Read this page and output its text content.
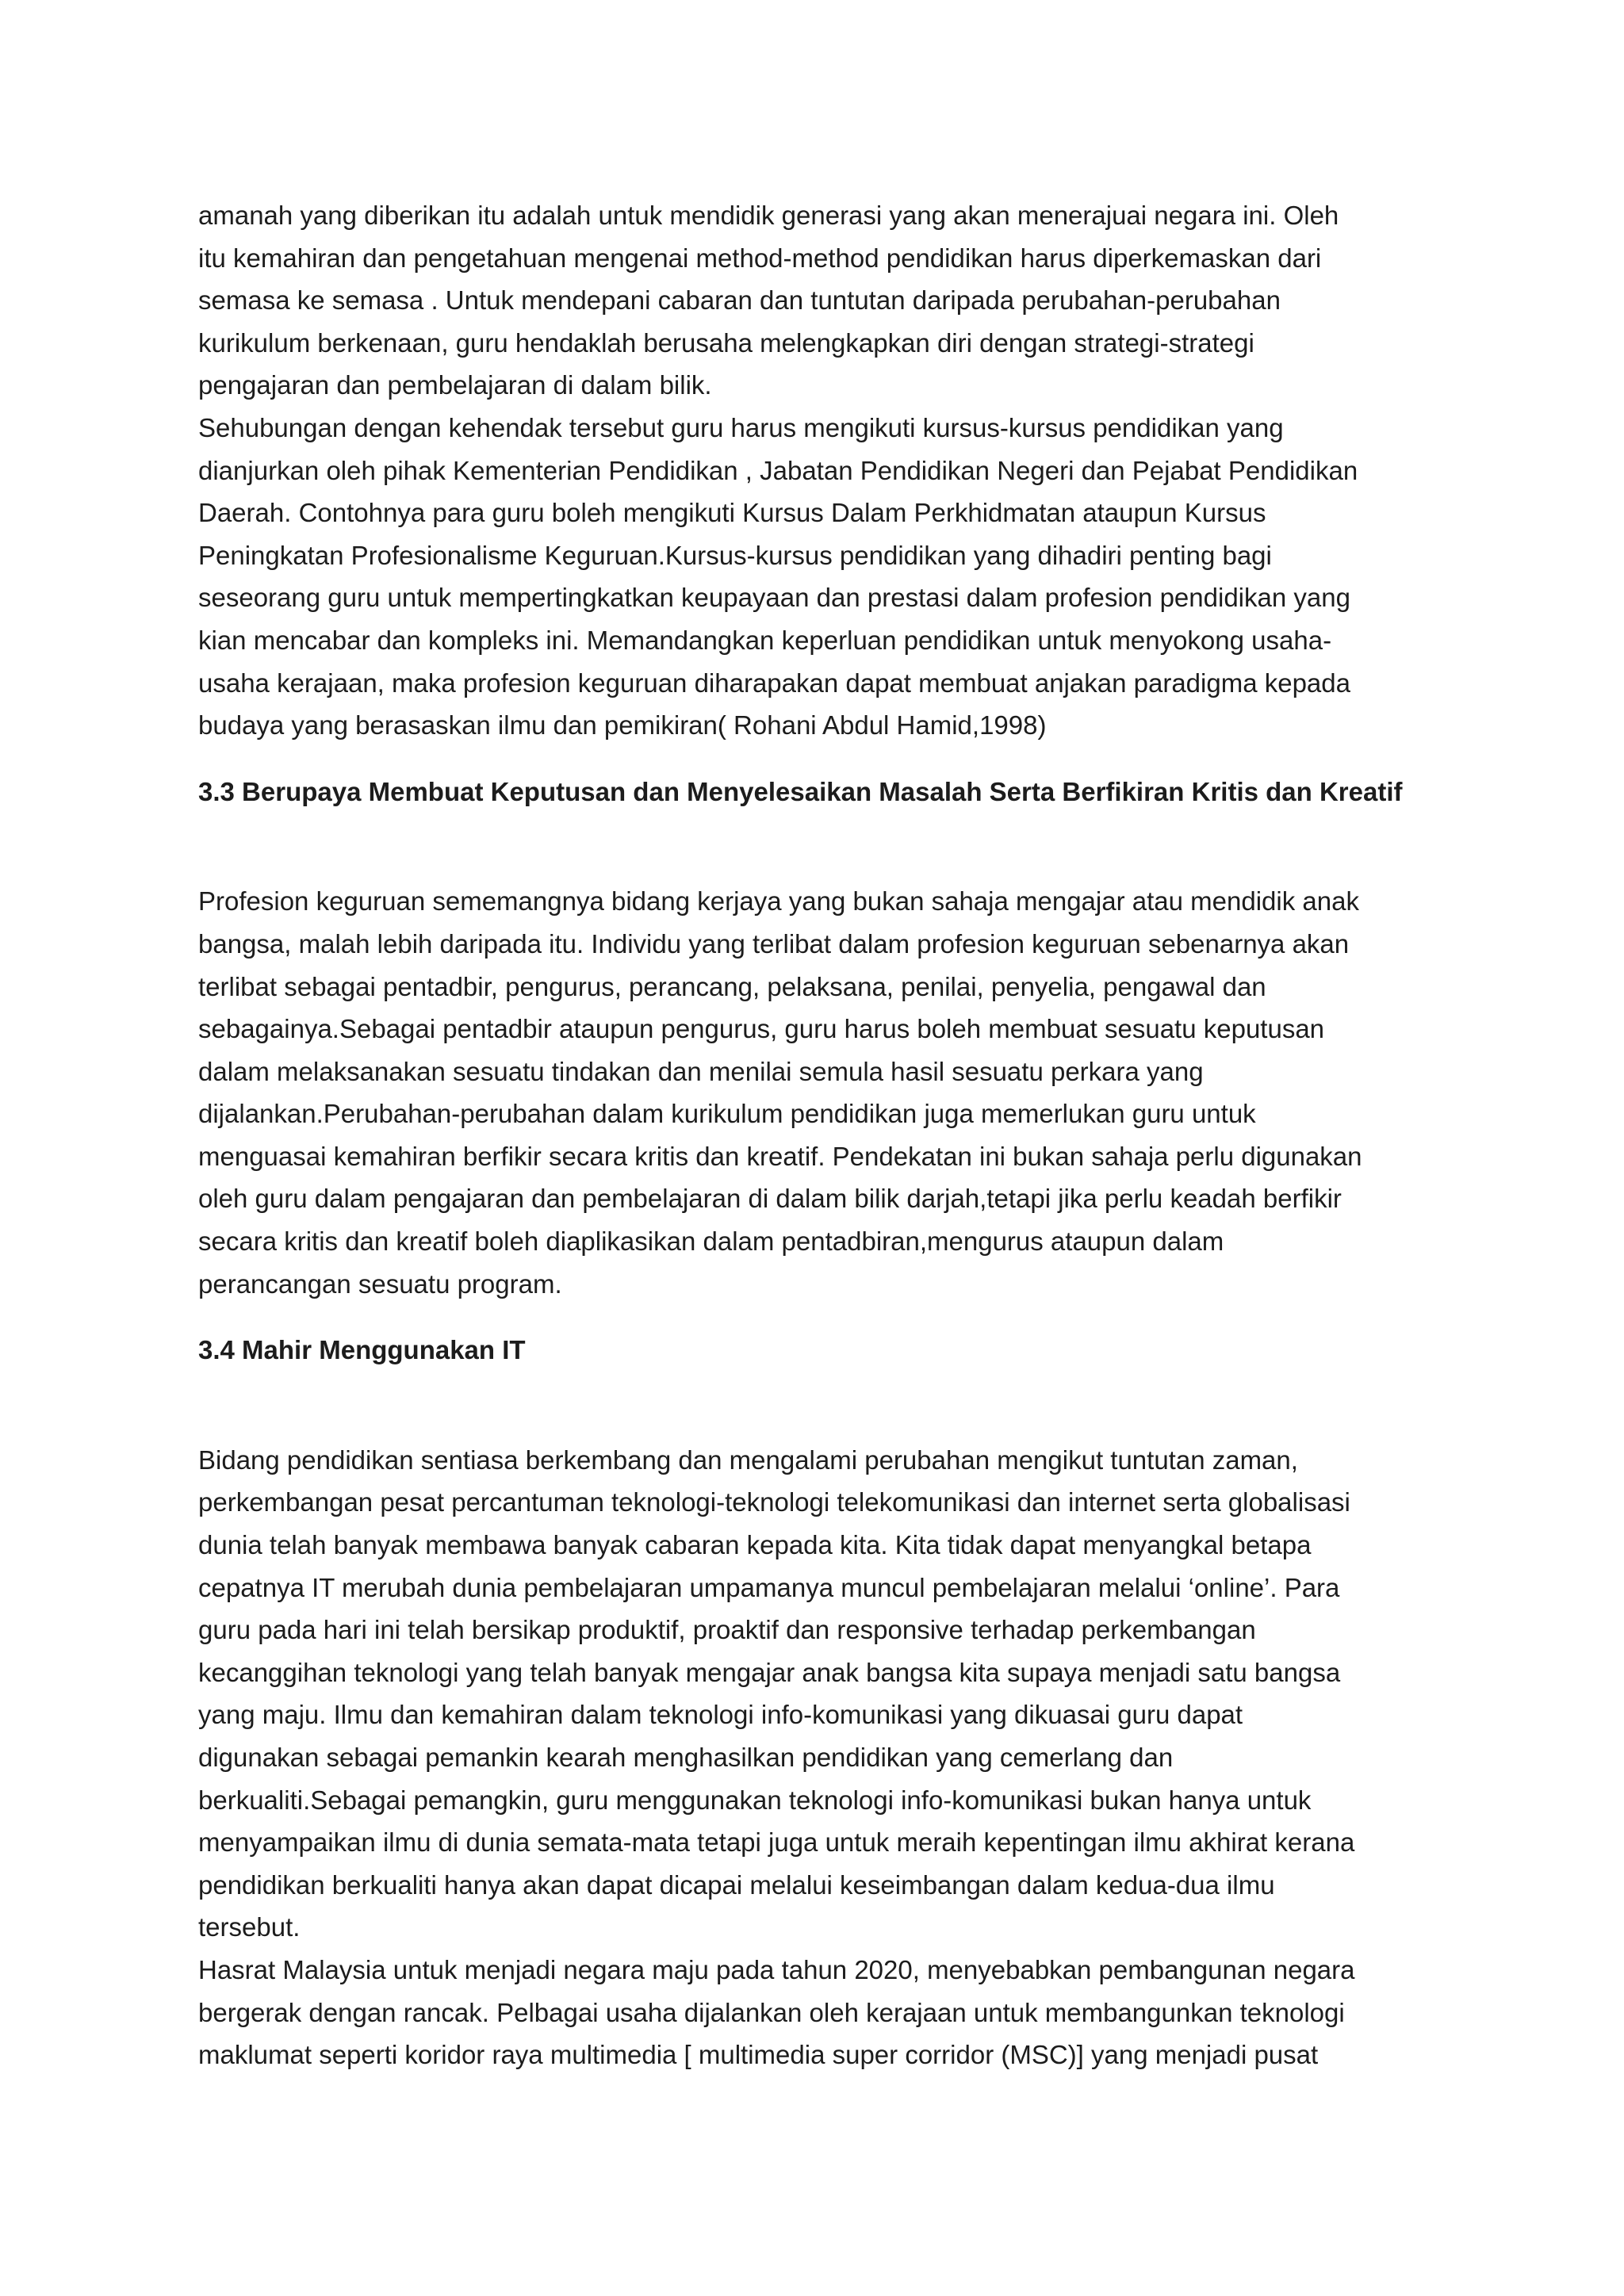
amanah yang diberikan itu adalah untuk mendidik generasi yang akan menerajuai negara ini. Oleh
itu kemahiran dan pengetahuan mengenai method-method pendidikan harus diperkemaskan dari
semasa ke semasa . Untuk mendepani cabaran dan tuntutan daripada perubahan-perubahan
kurikulum berkenaan, guru hendaklah berusaha melengkapkan diri dengan strategi-strategi
pengajaran dan pembelajaran di dalam bilik.
Sehubungan dengan kehendak tersebut guru harus mengikuti kursus-kursus pendidikan yang
dianjurkan oleh pihak Kementerian Pendidikan , Jabatan Pendidikan Negeri dan Pejabat Pendidikan
Daerah. Contohnya para guru boleh mengikuti Kursus Dalam Perkhidmatan ataupun Kursus
Peningkatan Profesionalisme Keguruan.Kursus-kursus pendidikan yang dihadiri penting bagi
seseorang guru untuk mempertingkatkan keupayaan dan prestasi dalam profesion pendidikan yang
kian mencabar dan kompleks ini. Memandangkan keperluan pendidikan untuk menyokong usaha-
usaha kerajaan, maka profesion keguruan diharapakan dapat membuat anjakan paradigma kepada
budaya yang berasaskan ilmu dan pemikiran( Rohani Abdul Hamid,1998)
3.3 Berupaya Membuat Keputusan dan Menyelesaikan Masalah Serta Berfikiran Kritis dan Kreatif
Profesion keguruan sememangnya bidang kerjaya yang bukan sahaja mengajar atau mendidik anak
bangsa, malah lebih daripada itu. Individu yang terlibat dalam profesion keguruan sebenarnya akan
terlibat sebagai pentadbir, pengurus, perancang, pelaksana, penilai, penyelia, pengawal dan
sebagainya.Sebagai pentadbir ataupun pengurus, guru harus boleh membuat sesuatu keputusan
dalam melaksanakan sesuatu tindakan dan menilai semula hasil sesuatu perkara yang
dijalankan.Perubahan-perubahan dalam kurikulum pendidikan juga memerlukan guru untuk
menguasai kemahiran berfikir secara kritis dan kreatif. Pendekatan ini bukan sahaja perlu digunakan
oleh guru dalam pengajaran dan pembelajaran di dalam bilik darjah,tetapi jika perlu keadah berfikir
secara kritis dan kreatif boleh diaplikasikan dalam pentadbiran,mengurus ataupun dalam
perancangan sesuatu program.
3.4 Mahir Menggunakan IT
Bidang pendidikan sentiasa berkembang dan mengalami perubahan mengikut tuntutan zaman,
perkembangan pesat percantuman teknologi-teknologi telekomunikasi dan internet serta globalisasi
dunia telah banyak membawa banyak cabaran kepada kita. Kita tidak dapat menyangkal betapa
cepatnya IT merubah dunia pembelajaran umpamanya muncul pembelajaran melalui ‘online’. Para
guru pada hari ini telah bersikap produktif, proaktif dan responsive terhadap perkembangan
kecanggihan teknologi yang telah banyak mengajar anak bangsa kita supaya menjadi satu bangsa
yang maju. Ilmu dan kemahiran dalam teknologi info-komunikasi yang dikuasai guru dapat
digunakan sebagai pemankin kearah menghasilkan pendidikan yang cemerlang dan
berkualiti.Sebagai pemangkin, guru menggunakan teknologi info-komunikasi bukan hanya untuk
menyampaikan ilmu di dunia semata-mata tetapi juga untuk meraih kepentingan ilmu akhirat kerana
pendidikan berkualiti hanya akan dapat dicapai melalui keseimbangan dalam kedua-dua ilmu
tersebut.
Hasrat Malaysia untuk menjadi negara maju pada tahun 2020, menyebabkan pembangunan negara
bergerak dengan rancak. Pelbagai usaha dijalankan oleh kerajaan untuk membangunkan teknologi
maklumat seperti koridor raya multimedia [ multimedia super corridor (MSC)] yang menjadi pusat
